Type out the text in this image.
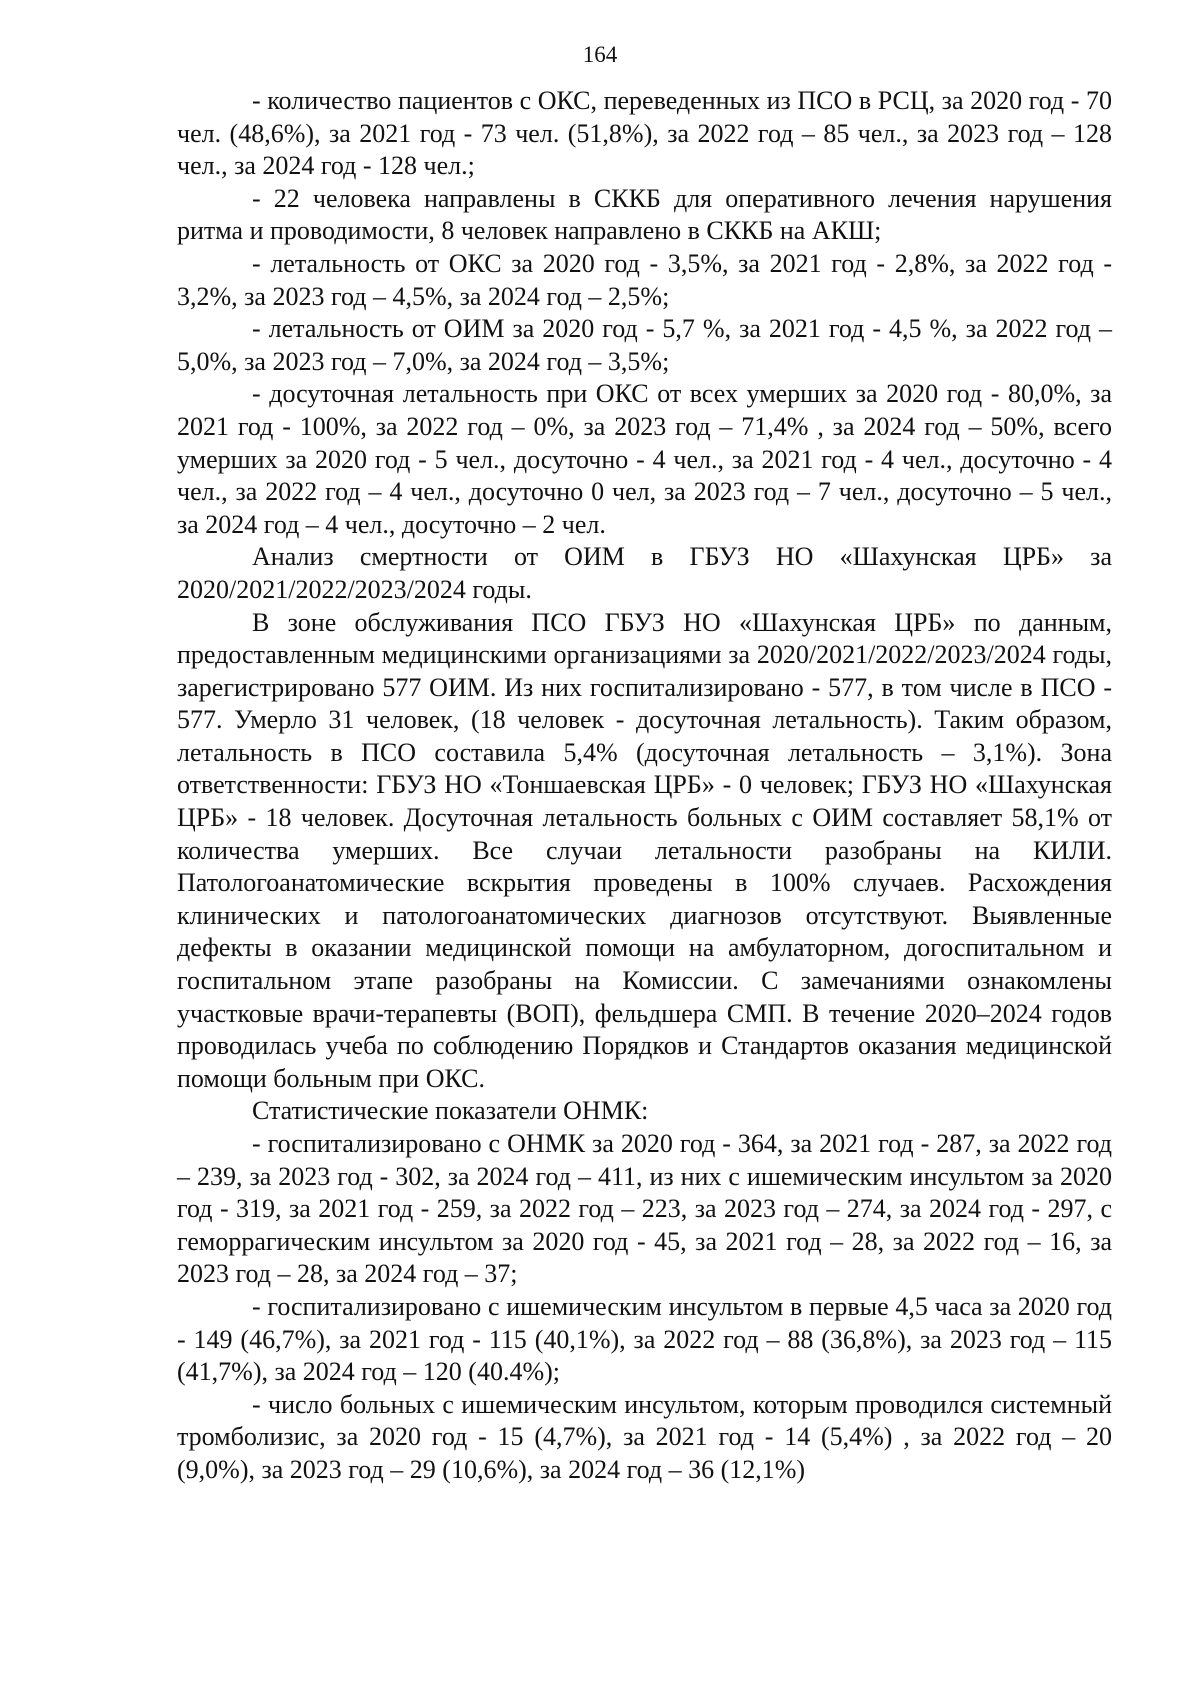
164

- количество пациентов с ОКС, переведенных из ПСО в РСЦ, за 2020 год - 70 чел. (48,6%), за 2021 год - 73 чел. (51,8%), за 2022 год – 85 чел., за 2023 год – 128 чел., за 2024 год - 128 чел.;

- 22 человека направлены в СККБ для оперативного лечения нарушения ритма и проводимости, 8 человек направлено в СККБ на АКШ;

- летальность от ОКС за 2020 год - 3,5%, за 2021 год - 2,8%, за 2022 год - 3,2%, за 2023 год – 4,5%, за 2024 год – 2,5%;

- летальность от ОИМ за 2020 год - 5,7 %, за 2021 год - 4,5 %, за 2022 год – 5,0%, за 2023 год – 7,0%, за 2024 год – 3,5%;

- досуточная летальность при ОКС от всех умерших за 2020 год - 80,0%, за 2021 год - 100%, за 2022 год – 0%, за 2023 год – 71,4% , за 2024 год – 50%, всего умерших за 2020 год - 5 чел., досуточно - 4 чел., за 2021 год - 4 чел., досуточно - 4 чел., за 2022 год – 4 чел., досуточно 0 чел, за 2023 год – 7 чел., досуточно – 5 чел., за 2024 год – 4 чел., досуточно – 2 чел.

Анализ смертности от ОИМ в ГБУЗ НО «Шахунская ЦРБ» за 2020/2021/2022/2023/2024 годы.

В зоне обслуживания ПСО ГБУЗ НО «Шахунская ЦРБ» по данным, предоставленным медицинскими организациями за 2020/2021/2022/2023/2024 годы, зарегистрировано 577 ОИМ. Из них госпитализировано - 577, в том числе в ПСО - 577. Умерло 31 человек, (18 человек - досуточная летальность). Таким образом, летальность в ПСО составила 5,4% (досуточная летальность – 3,1%). Зона ответственности: ГБУЗ НО «Тоншаевская ЦРБ» - 0 человек; ГБУЗ НО «Шахунская ЦРБ» - 18 человек. Досуточная летальность больных с ОИМ составляет 58,1% от количества умерших. Все случаи летальности разобраны на КИЛИ. Патологоанатомические вскрытия проведены в 100% случаев. Расхождения клинических и патологоанатомических диагнозов отсутствуют. Выявленные дефекты в оказании медицинской помощи на амбулаторном, догоспитальном и госпитальном этапе разобраны на Комиссии. С замечаниями ознакомлены участковые врачи-терапевты (ВОП), фельдшера СМП. В течение 2020–2024 годов проводилась учеба по соблюдению Порядков и Стандартов оказания медицинской помощи больным при ОКС.

Статистические показатели ОНМК:

- госпитализировано с ОНМК за 2020 год - 364, за 2021 год - 287, за 2022 год – 239, за 2023 год - 302, за 2024 год – 411, из них с ишемическим инсультом за 2020 год - 319, за 2021 год - 259, за 2022 год – 223, за 2023 год – 274, за 2024 год - 297, с геморрагическим инсультом за 2020 год - 45, за 2021 год – 28, за 2022 год – 16, за 2023 год – 28, за 2024 год – 37;

- госпитализировано с ишемическим инсультом в первые 4,5 часа за 2020 год - 149 (46,7%), за 2021 год - 115 (40,1%), за 2022 год – 88 (36,8%), за 2023 год – 115 (41,7%), за 2024 год – 120 (40.4%);

- число больных с ишемическим инсультом, которым проводился системный тромболизис, за 2020 год - 15 (4,7%), за 2021 год - 14 (5,4%) , за 2022 год – 20 (9,0%), за 2023 год – 29 (10,6%), за 2024 год – 36 (12,1%)
